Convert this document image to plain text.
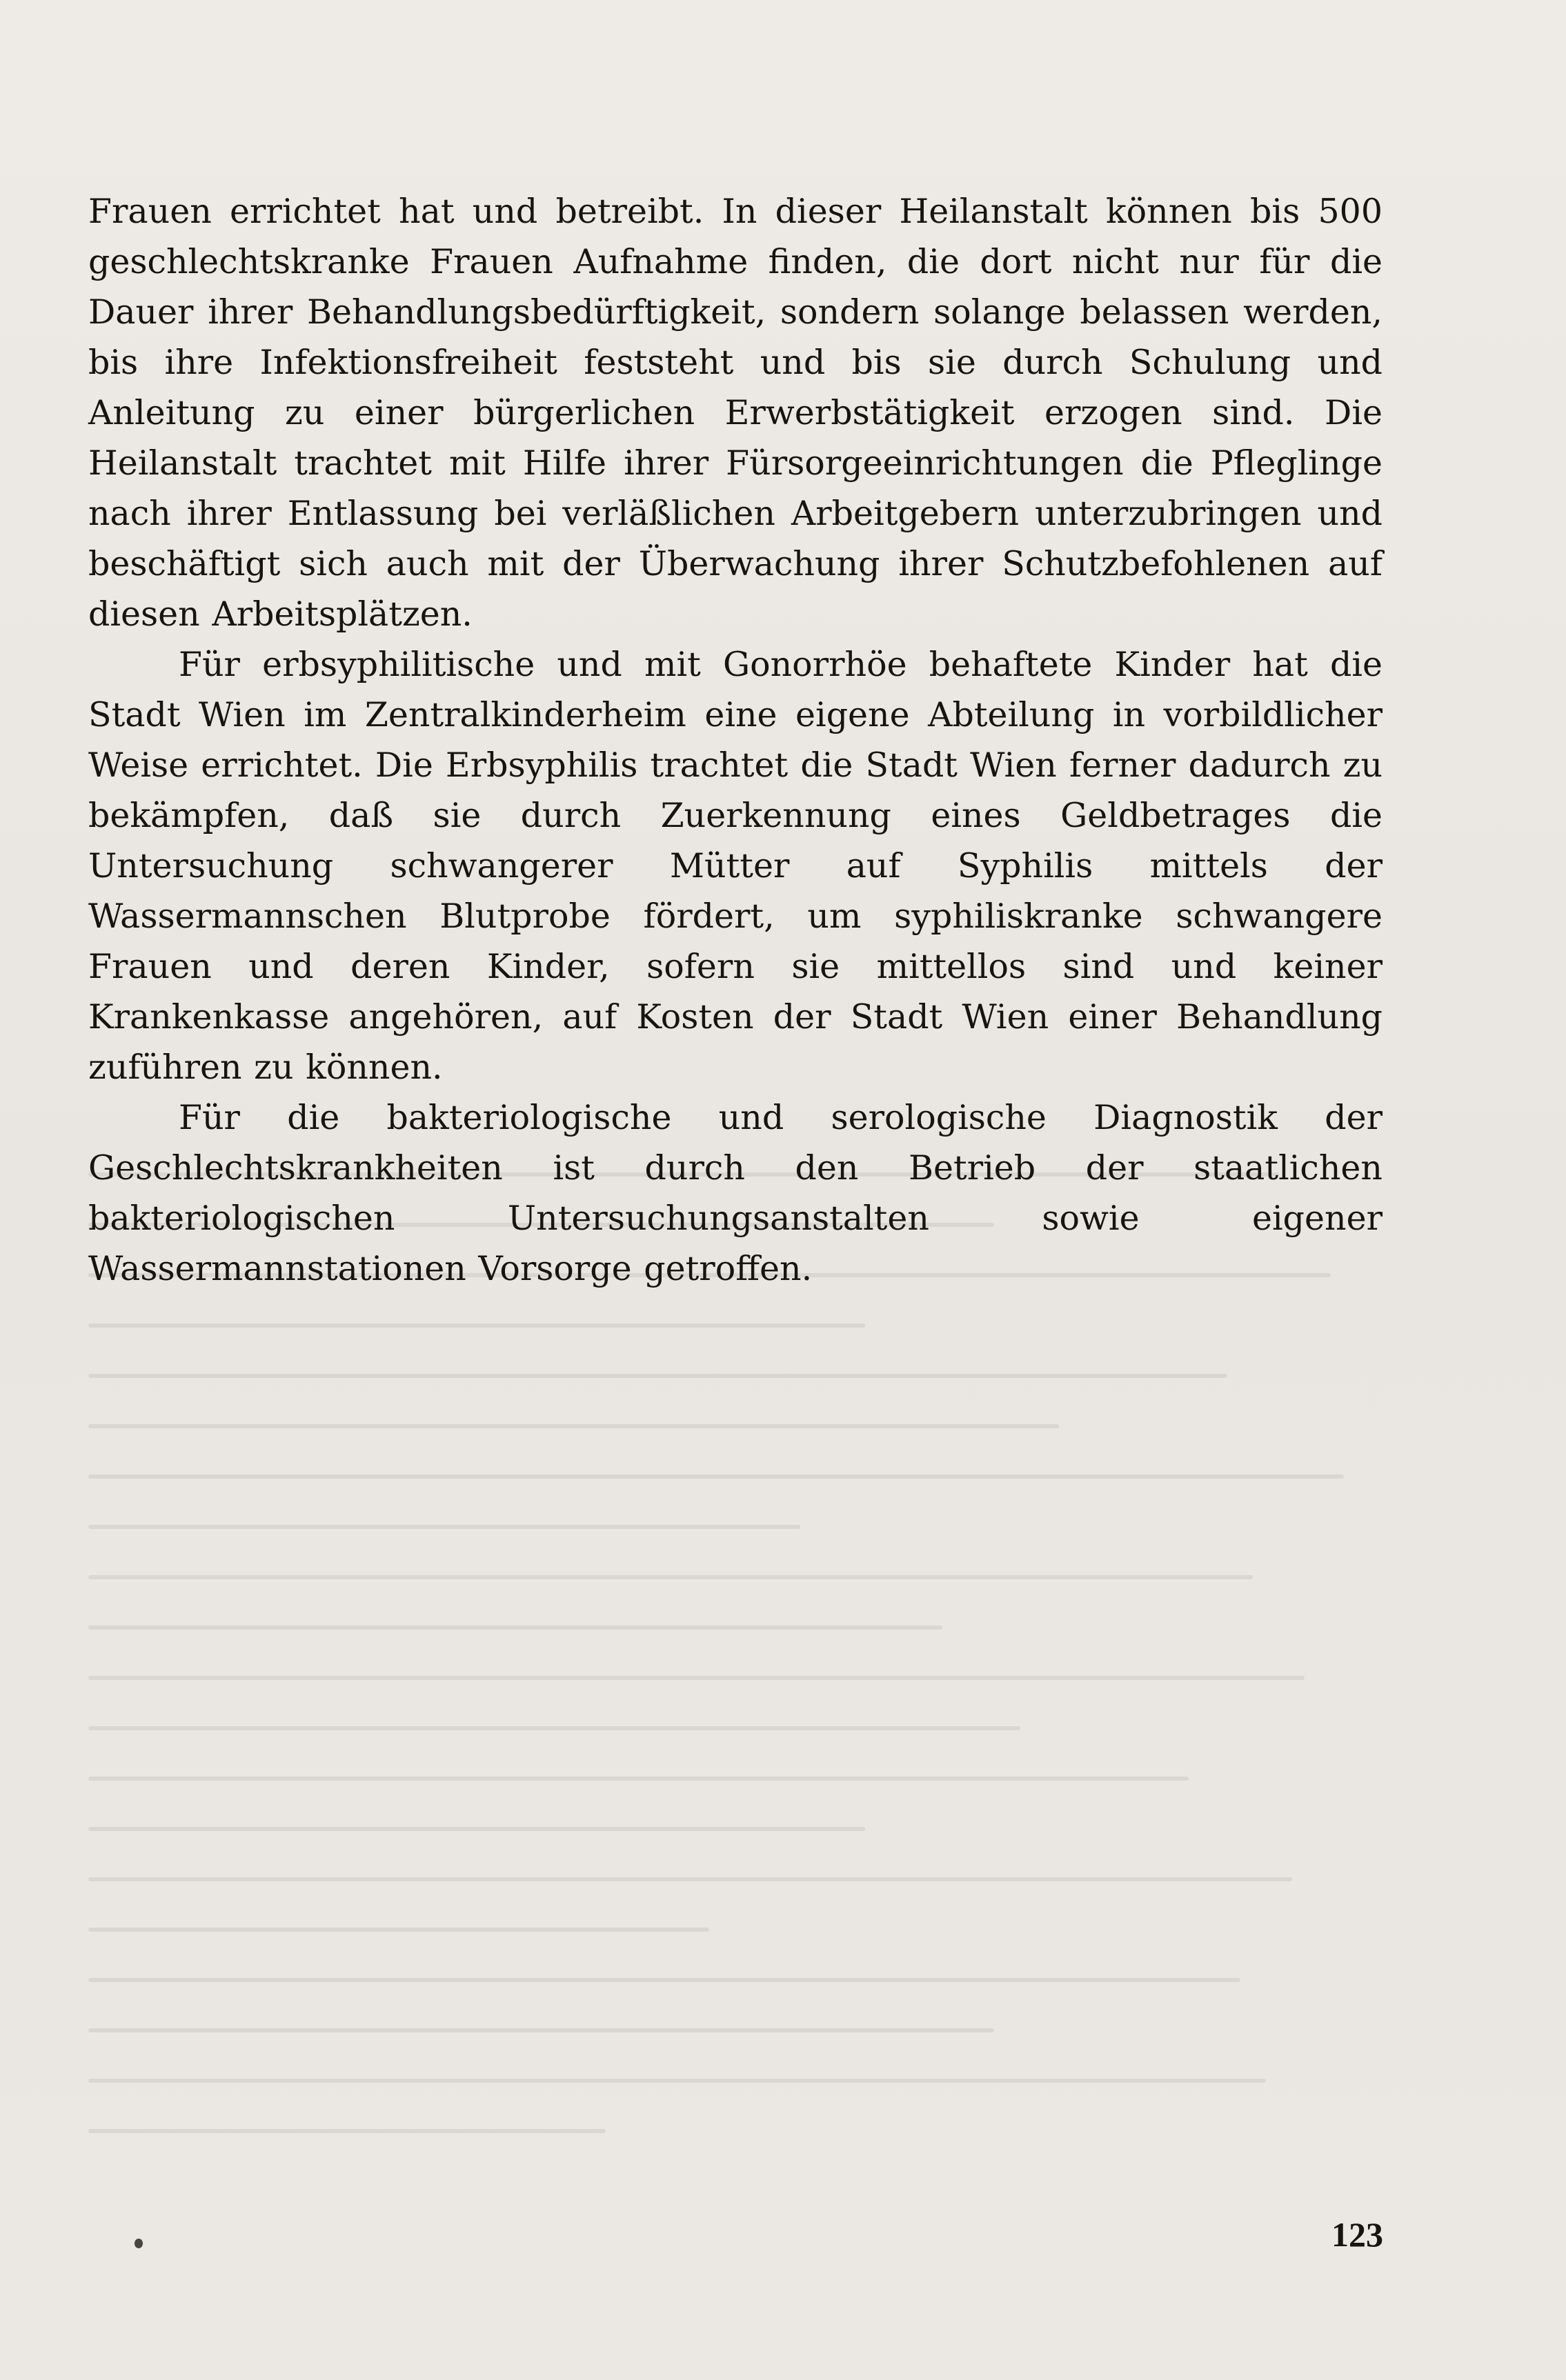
Frauen errichtet hat und betreibt. In dieser Heilanstalt können bis 500 geschlechtskranke Frauen Aufnahme finden, die dort nicht nur für die Dauer ihrer Behandlungsbedürftigkeit, sondern solange belassen werden, bis ihre Infektionsfreiheit feststeht und bis sie durch Schulung und Anleitung zu einer bürgerlichen Erwerbstätigkeit erzogen sind. Die Heilanstalt trachtet mit Hilfe ihrer Fürsorgeeinrichtungen die Pfleglinge nach ihrer Entlassung bei verläßlichen Arbeitgebern unterzubringen und beschäftigt sich auch mit der Überwachung ihrer Schutzbefohlenen auf diesen Arbeitsplätzen.

Für erbsyphilitische und mit Gonorrhöe behaftete Kinder hat die Stadt Wien im Zentralkinderheim eine eigene Abteilung in vorbildlicher Weise errichtet. Die Erbsyphilis trachtet die Stadt Wien ferner dadurch zu bekämpfen, daß sie durch Zuerkennung eines Geldbetrages die Untersuchung schwangerer Mütter auf Syphilis mittels der Wassermannschen Blutprobe fördert, um syphiliskranke schwangere Frauen und deren Kinder, sofern sie mittellos sind und keiner Krankenkasse angehören, auf Kosten der Stadt Wien einer Behandlung zuführen zu können.

Für die bakteriologische und serologische Diagnostik der Geschlechtskrankheiten ist durch den Betrieb der staatlichen bakteriologischen Untersuchungsanstalten sowie eigener Wassermannstationen Vorsorge getroffen.

123
